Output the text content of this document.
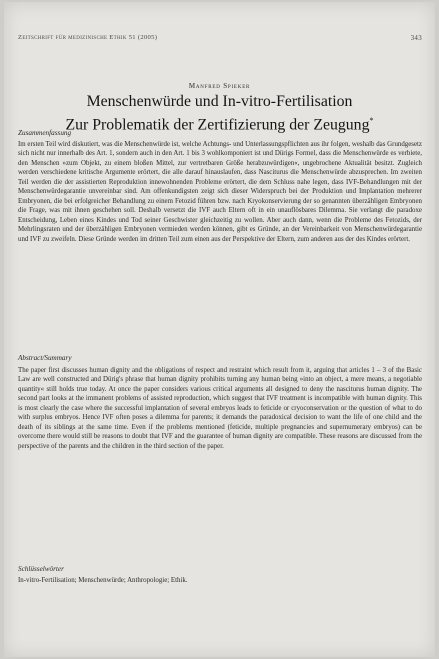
Zeitschrift für medizinische Ethik 51 (2005)	343
Manfred Spieker
Menschenwürde und In-vitro-Fertilisation
Zur Problematik der Zertifizierung der Zeugung*
Zusammenfassung
Im ersten Teil wird diskutiert, was die Menschenwürde ist, welche Achtungs- und Unterlassungspflichten aus ihr folgen, weshalb das Grundgesetz sich nicht nur innerhalb des Art. 1, sondern auch in den Art. 1 bis 3 wohlkomponiert ist und Dürigs Formel, dass die Menschenwürde es verbiete, den Menschen »zum Objekt, zu einem bloßen Mittel, zur vertretbaren Größe herabzuwürdigen«, ungebrochene Aktualität besitzt. Zugleich werden verschiedene kritische Argumente erörtert, die alle darauf hinauslaufen, dass Nasciturus die Menschenwürde abzusprechen. Im zweiten Teil werden die der assistierten Reproduktion innewohnenden Probleme erörtert, die dem Schluss nahe legen, dass IVF-Behandlungen mit der Menschenwürdegarantie unvereinbar sind. Am offenkundigsten zeigt sich dieser Widerspruch bei der Produktion und Implantation mehrerer Embryonen, die bei erfolgreicher Behandlung zu einem Fetozid führen bzw. nach Kryokonservierung der so genannten überzähligen Embryonen die Frage, was mit ihnen geschehen soll. Deshalb versetzt die IVF auch Eltern oft in ein unauflösbares Dilemma. Sie verlangt die paradoxe Entscheidung, Leben eines Kindes und Tod seiner Geschwister gleichzeitig zu wollen. Aber auch dann, wenn die Probleme des Fetozids, der Mehrlingsraten und der überzähligen Embryonen vermieden werden können, gibt es Gründe, an der Vereinbarkeit von Menschenwürdegarantie und IVF zu zweifeln. Diese Gründe werden im dritten Teil zum einen aus der Perspektive der Eltern, zum anderen aus der des Kindes erörtert.
Abstract/Summary
The paper first discusses human dignity and the obligations of respect and restraint which result from it, arguing that articles 1 – 3 of the Basic Law are well constructed and Dürig's phrase that human dignity prohibits turning any human being »into an object, a mere means, a negotiable quantity« still holds true today. At once the paper considers various critical arguments all designed to deny the nasciturus human dignity. The second part looks at the immanent problems of assisted reproduction, which suggest that IVF treatment is incompatible with human dignity. This is most clearly the case where the successful implantation of several embryos leads to feticide or cryoconservation or the question of what to do with surplus embryos. Hence IVF often poses a dilemma for parents; it demands the paradoxical decision to want the life of one child and the death of its siblings at the same time. Even if the problems mentioned (feticide, multiple pregnancies and supernumerary embryos) can be overcome there would still be reasons to doubt that IVF and the guarantee of human dignity are compatible. These reasons are discussed from the perspective of the parents and the children in the third section of the paper.
Schlüsselwörter
In-vitro-Fertilisation; Menschenwürde; Anthropologie; Ethik.
